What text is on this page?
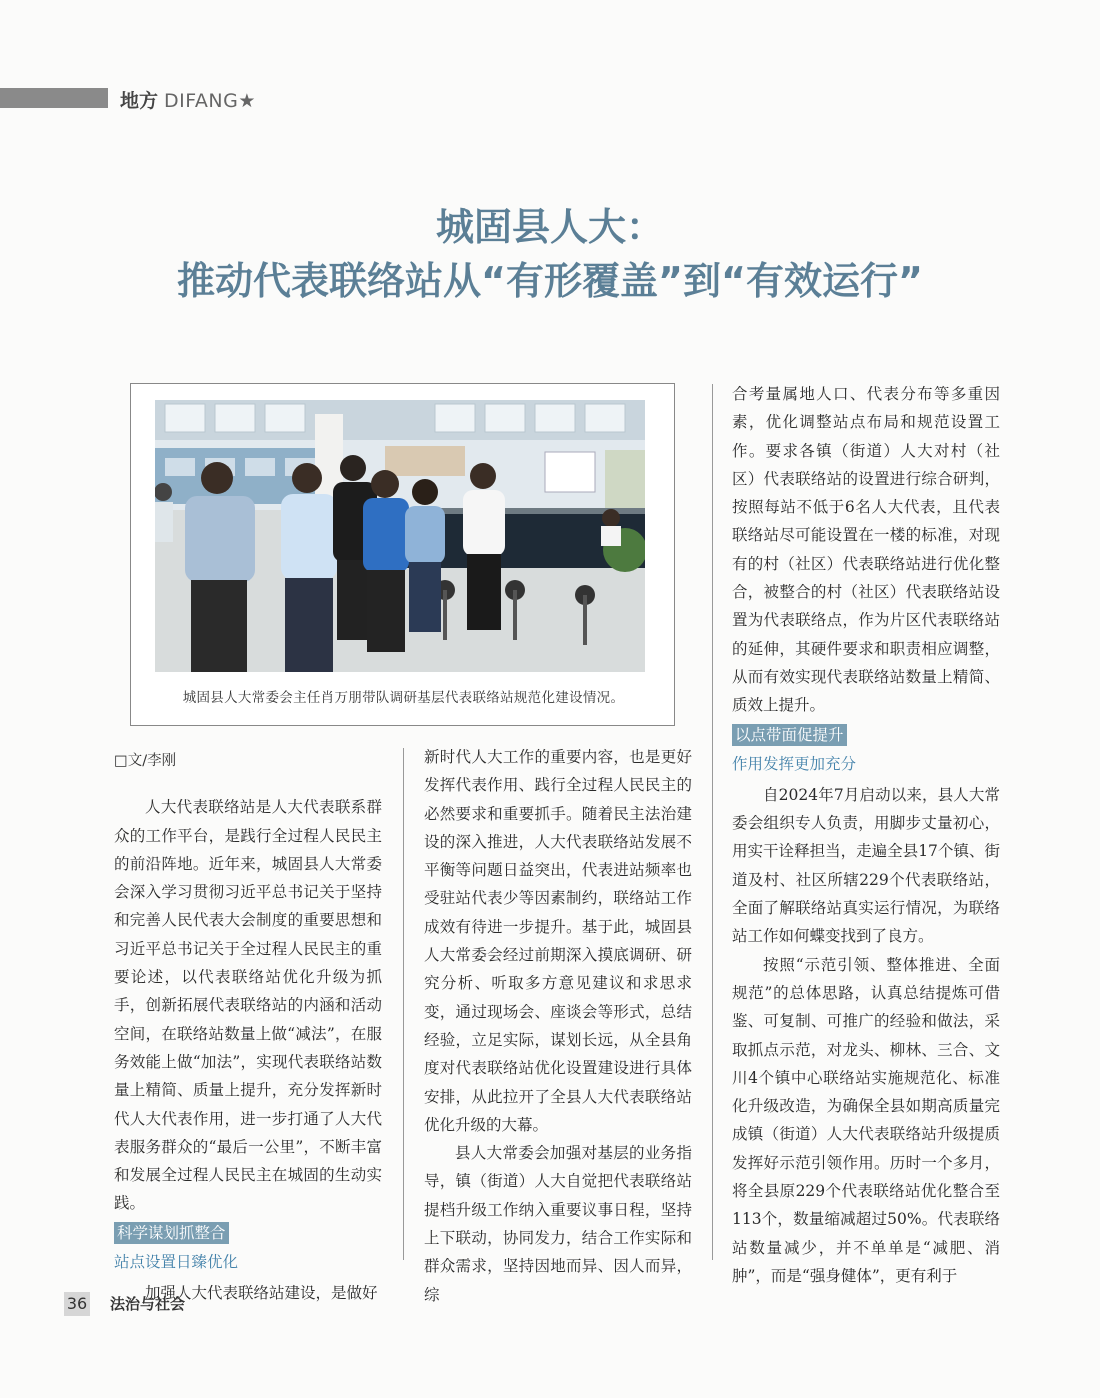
地方 DIFANG★
城固县人大：
推动代表联络站从“有形覆盖”到“有效运行”
城固县人大常委会主任肖万朋带队调研基层代表联络站规范化建设情况。
□文/李刚

人大代表联络站是人大代表联系群众的工作平台，是践行全过程人民民主的前沿阵地。近年来，城固县人大常委会深入学习贯彻习近平总书记关于坚持和完善人民代表大会制度的重要思想和习近平总书记关于全过程人民民主的重要论述，以代表联络站优化升级为抓手，创新拓展代表联络站的内涵和活动空间，在联络站数量上做“减法”，在服务效能上做“加法”，实现代表联络站数量上精简、质量上提升，充分发挥新时代人大代表作用，进一步打通了人大代表服务群众的“最后一公里”，不断丰富和发展全过程人民民主在城固的生动实践。

科学谋划抓整合
站点设置日臻优化

加强人大代表联络站建设，是做好

新时代人大工作的重要内容，也是更好发挥代表作用、践行全过程人民民主的必然要求和重要抓手。随着民主法治建设的深入推进，人大代表联络站发展不平衡等问题日益突出，代表进站频率也受驻站代表少等因素制约，联络站工作成效有待进一步提升。基于此，城固县人大常委会经过前期深入摸底调研、研究分析、听取多方意见建议和求思求变，通过现场会、座谈会等形式，总结经验，立足实际，谋划长远，从全县角度对代表联络站优化设置建设进行具体安排，从此拉开了全县人大代表联络站优化升级的大幕。

县人大常委会加强对基层的业务指导，镇（街道）人大自觉把代表联络站提档升级工作纳入重要议事日程，坚持上下联动，协同发力，结合工作实际和群众需求，坚持因地而异、因人而异，综

合考量属地人口、代表分布等多重因素，优化调整站点布局和规范设置工作。要求各镇（街道）人大对村（社区）代表联络站的设置进行综合研判，按照每站不低于6名人大代表，且代表联络站尽可能设置在一楼的标准，对现有的村（社区）代表联络站进行优化整合，被整合的村（社区）代表联络站设置为代表联络点，作为片区代表联络站的延伸，其硬件要求和职责相应调整，从而有效实现代表联络站数量上精简、质效上提升。

以点带面促提升
作用发挥更加充分

自2024年7月启动以来，县人大常委会组织专人负责，用脚步丈量初心，用实干诠释担当，走遍全县17个镇、街道及村、社区所辖229个代表联络站，全面了解联络站真实运行情况，为联络站工作如何蝶变找到了良方。

按照“示范引领、整体推进、全面规范”的总体思路，认真总结提炼可借鉴、可复制、可推广的经验和做法，采取抓点示范，对龙头、柳林、三合、文川4个镇中心联络站实施规范化、标准化升级改造，为确保全县如期高质量完成镇（街道）人大代表联络站升级提质发挥好示范引领作用。历时一个多月，将全县原229个代表联络站优化整合至113个，数量缩减超过50%。代表联络站数量减少，并不单单是“减肥、消肿”，而是“强身健体”，更有利于

36 法治与社会
